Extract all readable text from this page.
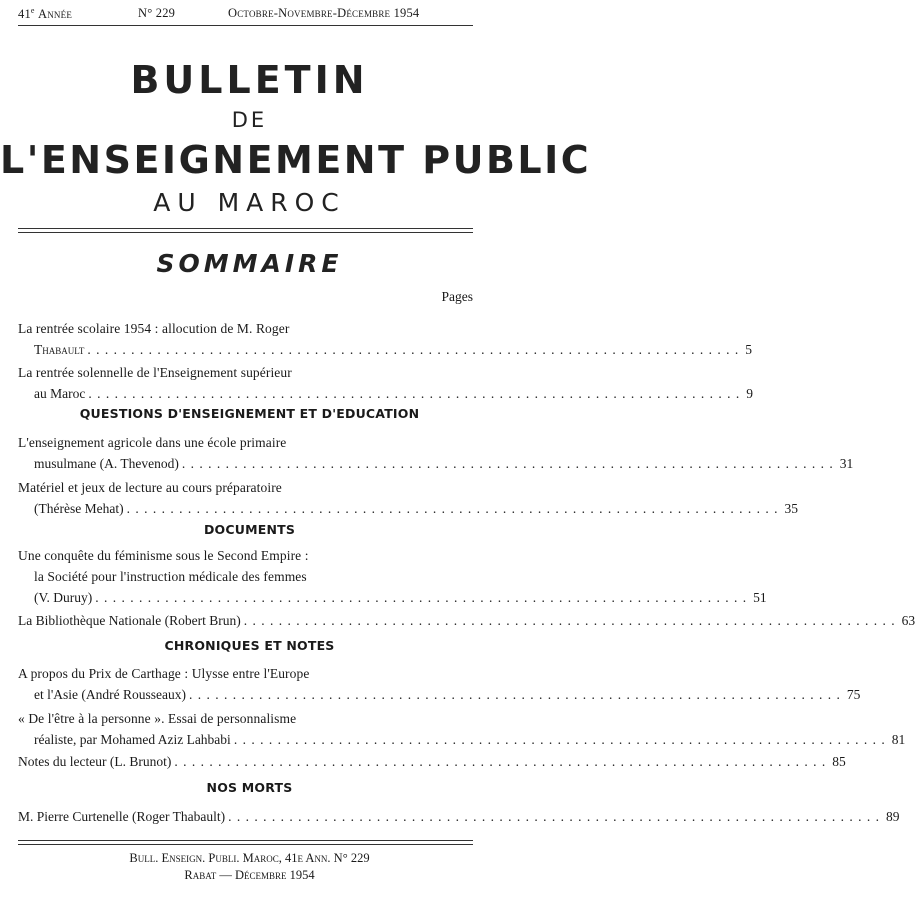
41e Année	N° 229	Octobre-Novembre-Décembre 1954
BULLETIN
DE
L'ENSEIGNEMENT PUBLIC
AU MAROC
SOMMAIRE
Pages
La rentrée scolaire 1954 : allocution de M. Roger
Thabault . . .	5
La rentrée solennelle de l'Enseignement supérieur
au Maroc . . .	9
QUESTIONS D'ENSEIGNEMENT ET D'EDUCATION
L'enseignement agricole dans une école primaire
musulmane (A. Thevenod) . . .	31
Matériel et jeux de lecture au cours préparatoire
(Thérèse Mehat) . . .	35
DOCUMENTS
Une conquête du féminisme sous le Second Empire :
la Société pour l'instruction médicale des femmes
(V. Duruy) . . .	51
La Bibliothèque Nationale (Robert Brun) . . .	63
CHRONIQUES ET NOTES
A propos du Prix de Carthage : Ulysse entre l'Europe
et l'Asie (André Rousseaux) . . .	75
« De l'être à la personne ». Essai de personnalisme
réaliste, par Mohamed Aziz Lahbabi . . .	81
Notes du lecteur (L. Brunot) . . .	85
NOS MORTS
M. Pierre Curtenelle (Roger Thabault) . . .	89
Bull. Enseign. Publi. Maroc, 41e Ann. N° 229
Rabat — Décembre 1954
